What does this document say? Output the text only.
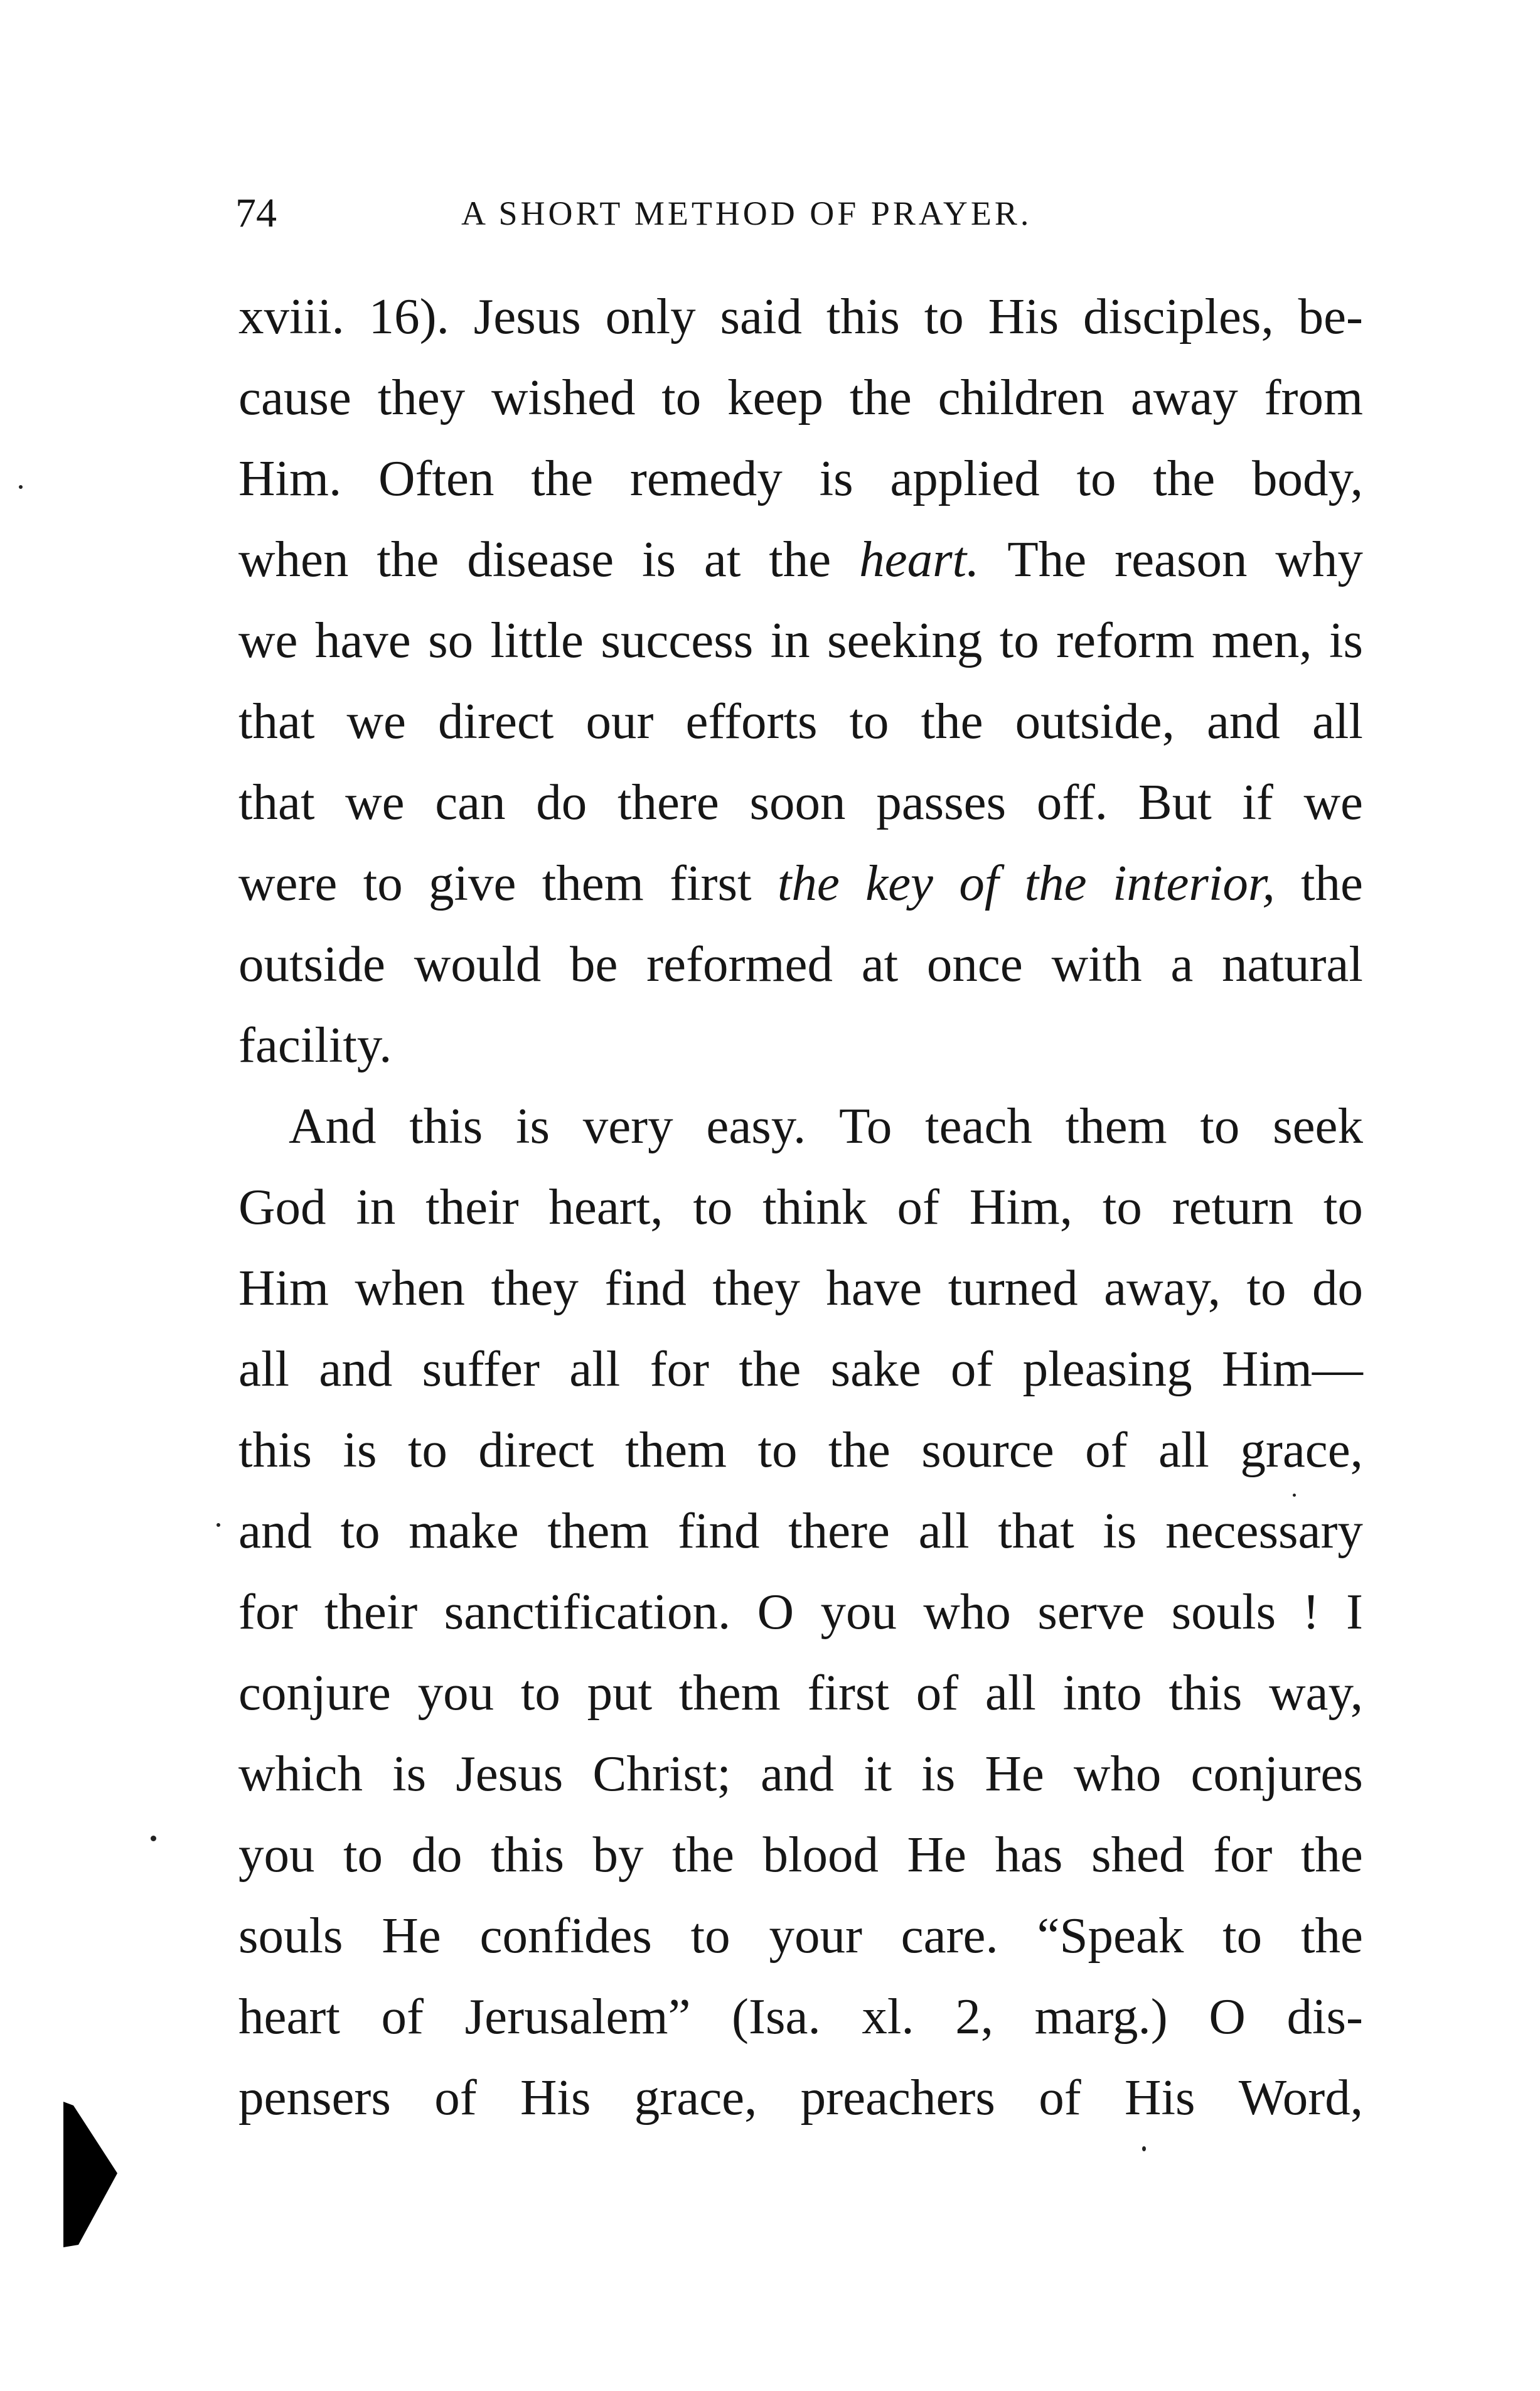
74	A SHORT METHOD OF PRAYER.
xviii. 16). Jesus only said this to His disciples, be-
cause they wished to keep the children away from
Him. Often the remedy is applied to the body,
when the disease is at the heart. The reason why
we have so little success in seeking to reform men, is
that we direct our efforts to the outside, and all
that we can do there soon passes off. But if we
were to give them first the key of the interior, the
outside would be reformed at once with a natural
facility.
And this is very easy. To teach them to seek
God in their heart, to think of Him, to return to
Him when they find they have turned away, to do
all and suffer all for the sake of pleasing Him—
this is to direct them to the source of all grace,
and to make them find there all that is necessary
for their sanctification. O you who serve souls ! I
conjure you to put them first of all into this way,
which is Jesus Christ; and it is He who conjures
you to do this by the blood He has shed for the
souls He confides to your care. “Speak to the
heart of Jerusalem” (Isa. xl. 2, marg.) O dis-
pensers of His grace, preachers of His Word,
